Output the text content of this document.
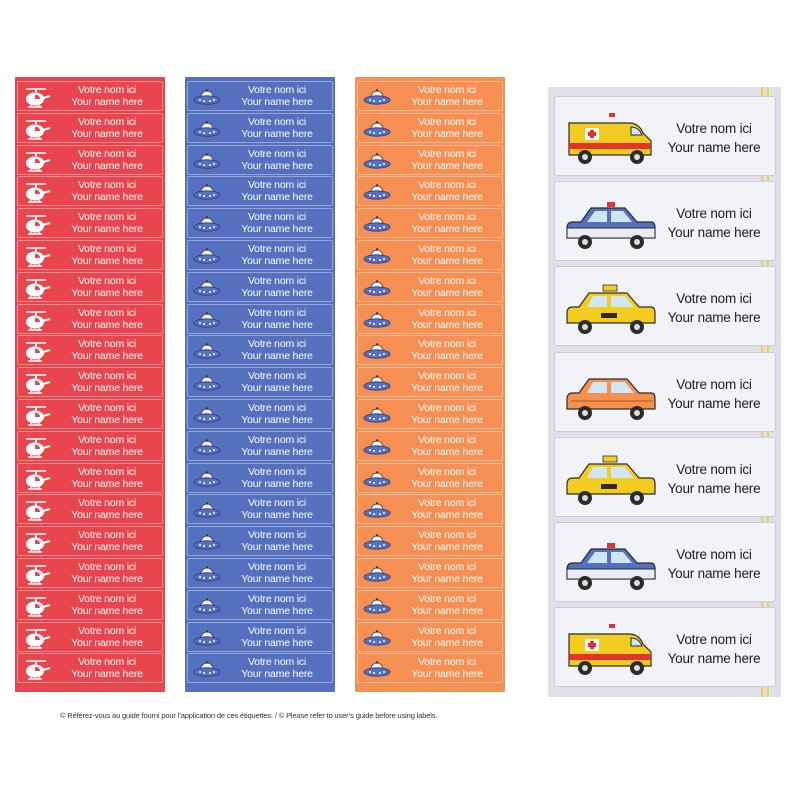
Votre nom ici
Your name here
Votre nom ici
Your name here
Votre nom ici
Your name here
Votre nom ici
Your name here
Votre nom ici
Your name here
Votre nom ici
Your name here
Votre nom ici
Your name here
Votre nom ici
Your name here
Votre nom ici
Your name here
Votre nom ici
Your name here
Votre nom ici
Your name here
Votre nom ici
Your name here
Votre nom ici
Your name here
Votre nom ici
Your name here
Votre nom ici
Your name here
Votre nom ici
Your name here
Votre nom ici
Your name here
Votre nom ici
Your name here
Votre nom ici
Your name here
Votre nom ici
Your name here
Votre nom ici
Your name here
Votre nom ici
Your name here
Votre nom ici
Your name here
Votre nom ici
Your name here
Votre nom ici
Your name here
Votre nom ici
Your name here
Votre nom ici
Your name here
Votre nom ici
Your name here
Votre nom ici
Your name here
Votre nom ici
Your name here
Votre nom ici
Your name here
Votre nom ici
Your name here
Votre nom ici
Your name here
Votre nom ici
Your name here
Votre nom ici
Your name here
Votre nom ici
Your name here
Votre nom ici
Your name here
Votre nom ici
Your name here
Votre nom ici
Your name here
Votre nom ici
Your name here
Votre nom ici
Your name here
Votre nom ici
Your name here
Votre nom ici
Your name here
Votre nom ici
Your name here
Votre nom ici
Your name here
Votre nom ici
Your name here
Votre nom ici
Your name here
Votre nom ici
Your name here
Votre nom ici
Your name here
Votre nom ici
Your name here
Votre nom ici
Your name here
Votre nom ici
Your name here
Votre nom ici
Your name here
Votre nom ici
Your name here
Votre nom ici
Your name here
Votre nom ici
Your name here
Votre nom ici
Your name here
Votre nom ici
Your name here
Votre nom ici
Your name here
Votre nom ici
Your name here
Votre nom ici
Your name here
Votre nom ici
Your name here
Votre nom ici
Your name here
Votre nom ici
Your name here
© Référez-vous au guide fourni pour l’application de ces étiquettes. / © Please refer to user’s guide before using labels.
